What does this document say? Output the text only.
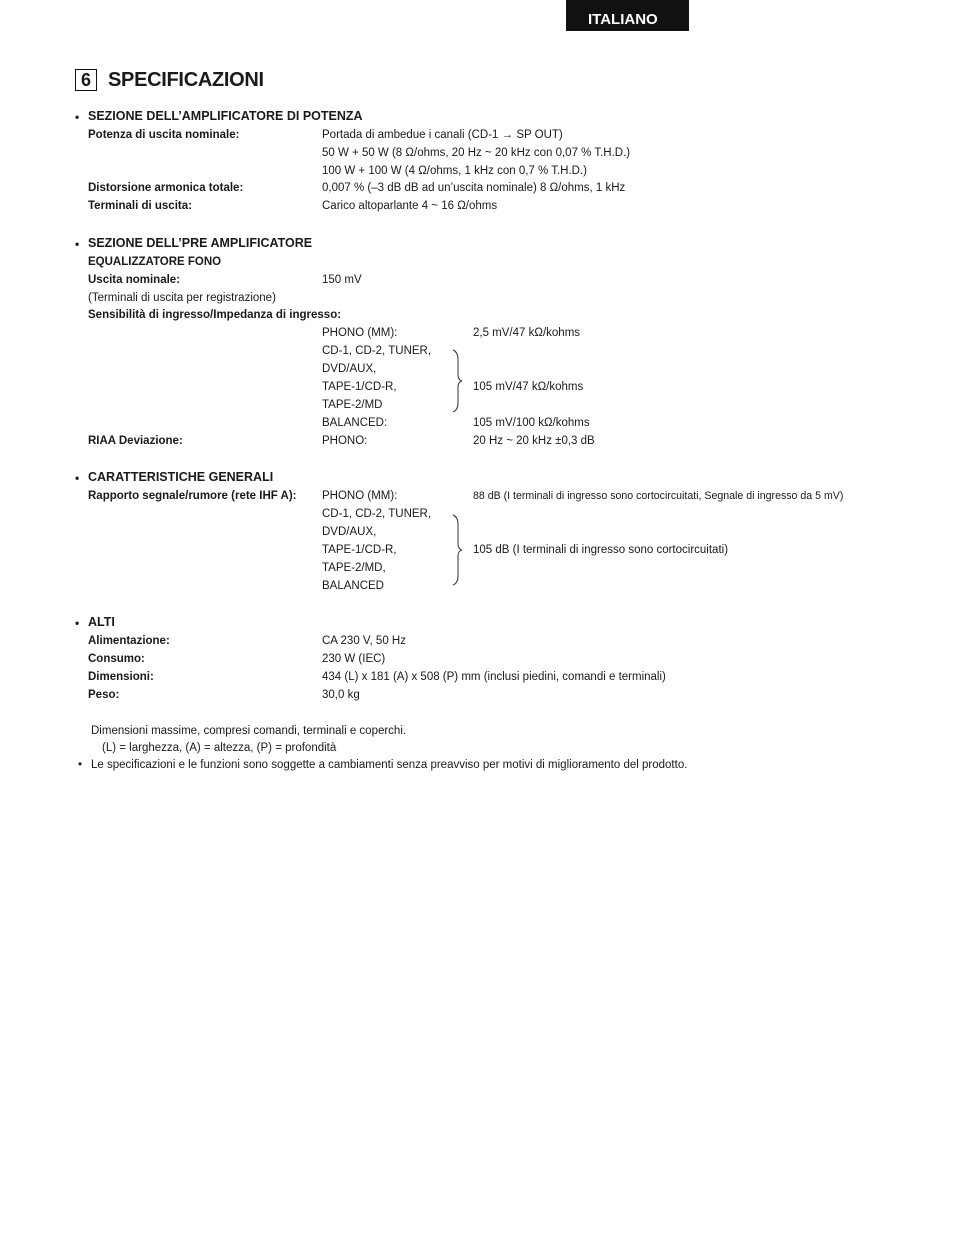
ITALIANO
6 SPECIFICAZIONI
• SEZIONE DELL’AMPLIFICATORE DI POTENZA
Potenza di uscita nominale:	Portada di ambedue i canali (CD-1 → SP OUT)
50 W + 50 W (8 Ω/ohms, 20 Hz ~ 20 kHz con 0,07 % T.H.D.)
100 W + 100 W (4 Ω/ohms, 1 kHz con 0,7 % T.H.D.)
Distorsione armonica totale:	0,007 % (–3 dB dB ad un’uscita nominale) 8 Ω/ohms, 1 kHz
Terminali di uscita:	Carico altoparlante 4 ~ 16 Ω/ohms
• SEZIONE DELL’PRE AMPLIFICATORE
EQUALIZZATORE FONO
Uscita nominale:	150 mV
(Terminali di uscita per registrazione)
Sensibilità di ingresso/Impedanza di ingresso:
PHONO (MM):	2,5 mV/47 kΩ/kohms
CD-1, CD-2, TUNER,
DVD/AUX,
TAPE-1/CD-R,
TAPE-2/MD
105 mV/47 kΩ/kohms
BALANCED:	105 mV/100 kΩ/kohms
RIAA Deviazione:	PHONO:	20 Hz ~ 20 kHz ±0,3 dB
• CARATTERISTICHE GENERALI
Rapporto segnale/rumore (rete IHF A): PHONO (MM):	88 dB (I terminali di ingresso sono cortocircuitati, Segnale di ingresso da 5 mV)
CD-1, CD-2, TUNER,
DVD/AUX,
TAPE-1/CD-R,
TAPE-2/MD,
BALANCED
105 dB (I terminali di ingresso sono cortocircuitati)
• ALTI
Alimentazione:	CA 230 V, 50 Hz
Consumo:	230 W (IEC)
Dimensioni:	434 (L) x 181 (A) x 508 (P) mm (inclusi piedini, comandi e terminali)
Peso:	30,0 kg
Dimensioni massime, compresi comandi, terminali e coperchi.
(L) = larghezza, (A) = altezza, (P) = profondità
• Le specificazioni e le funzioni sono soggette a cambiamenti senza preavviso per motivi di miglioramento del prodotto.
